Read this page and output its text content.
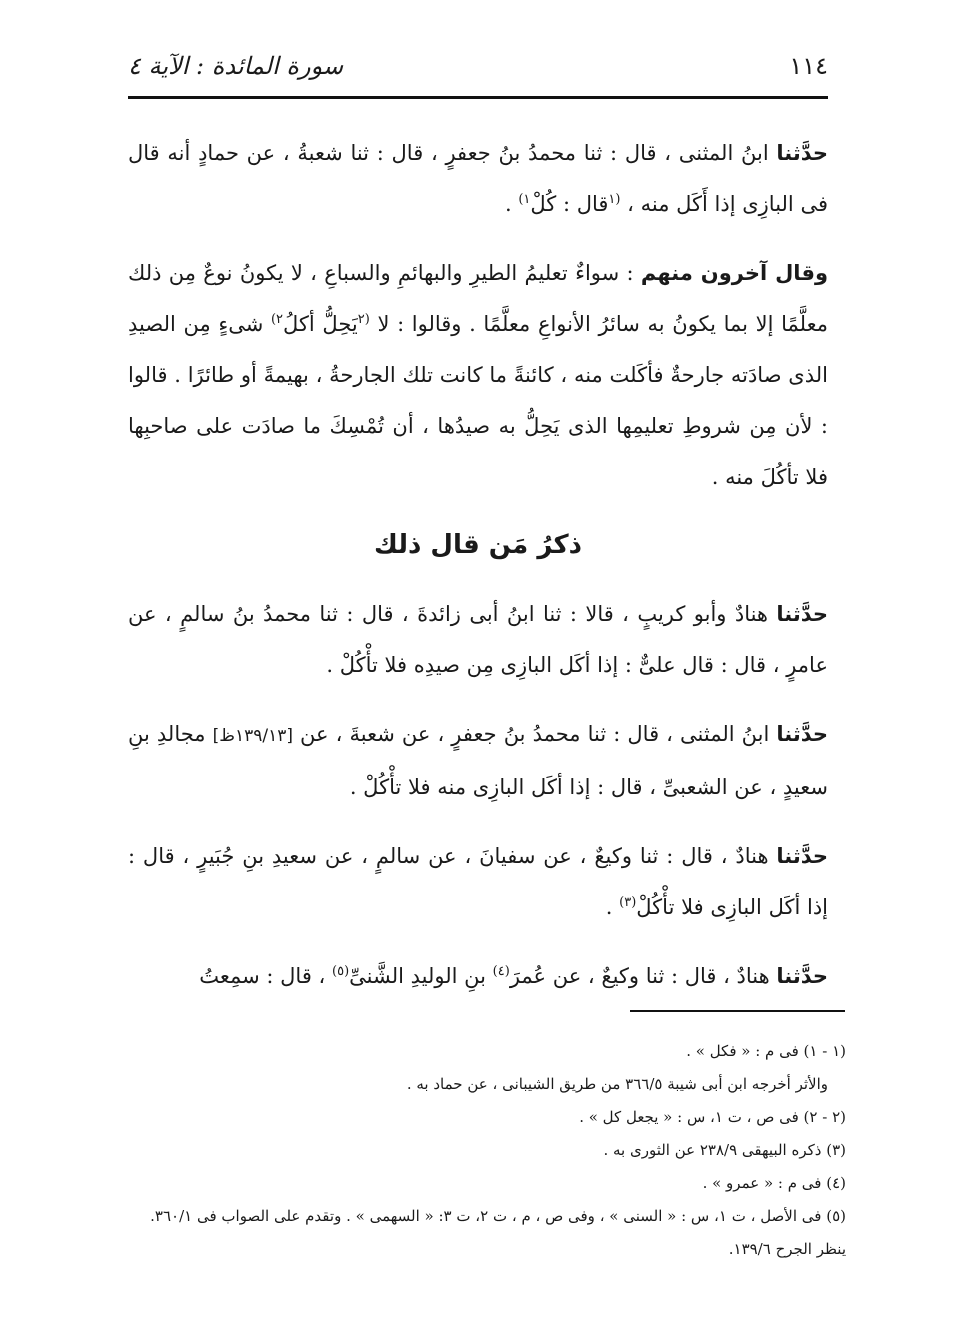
١١٤
سورة المائدة : الآية ٤

حدَّثنا ابنُ المثنى ، قال : ثنا محمدُ بنُ جعفرٍ ، قال : ثنا شعبةُ ، عن حمادٍ أنه قال فى البازِى إذا أَكَل منه ، $^{(١}$قال : كُلْ$^{١)}$ .

وقال آخرون منهم : سواءٌ تعليمُ الطيرِ والبهائمِ والسباعِ ، لا يكونُ نوعٌ مِن ذلك معلَّمًا إلا بما يكونُ به سائرُ الأنواعِ معلَّمًا . وقالوا : لا $^{(٢}$يَحِلُّ أكلُ$^{٢)}$ شىءٍ مِن الصيدِ الذى صادَته جارحةٌ فأكَلت منه ، كائنةً ما كانت تلك الجارحةُ ، بهيمةً أو طائرًا . قالوا : لأن مِن شروطِ تعليمِها الذى يَحِلُّ به صيدُها ، أن تُمْسِكَ ما صادَت على صاحبِها فلا تأكُلَ منه .

ذكرُ مَن قال ذلك

حدَّثنا هنادٌ وأبو كريبٍ ، قالا : ثنا ابنُ أبى زائدةَ ، قال : ثنا محمدُ بنُ سالمٍ ، عن عامرٍ ، قال : قال علىٌّ : إذا أكَل البازِى مِن صيدِه فلا تأْكُلْ .

حدَّثنا ابنُ المثنى ، قال : ثنا محمدُ بنُ جعفرٍ ، عن شعبةَ ، عن [١٣٩/١٣ظ] مجالدِ بنِ سعيدٍ ، عن الشعبىِّ ، قال : إذا أكَل البازِى منه فلا تأْكُلْ .

حدَّثنا هنادٌ ، قال : ثنا وكيعٌ ، عن سفيانَ ، عن سالمٍ ، عن سعيدِ بنِ جُبَيرٍ ، قال : إذا أكَل البازِى فلا تأْكُلْ$^{(٣)}$ .

حدَّثنا هنادٌ ، قال : ثنا وكيعٌ ، عن عُمرَ$^{(٤)}$ بنِ الوليدِ الشَّنىِّ$^{(٥)}$ ، قال : سمِعتُ

(١ - ١) فى م : « فكل » .

والأثر أخرجه ابن أبى شيبة ٣٦٦/٥ من طريق الشيبانى ، عن حماد به .

(٢ - ٢) فى ص ، ت ١، س : « يجعل كل » .

(٣) ذكره البيهقى ٢٣٨/٩ عن الثورى به .

(٤) فى م : « عمرو » .

(٥) فى الأصل ، ت ١، س : « السنى » ، وفى ص ، م ، ت ٢، ت ٣: « السهمى » . وتقدم على الصواب فى ٣٦٠/١. ينظر الجرح ١٣٩/٦.
